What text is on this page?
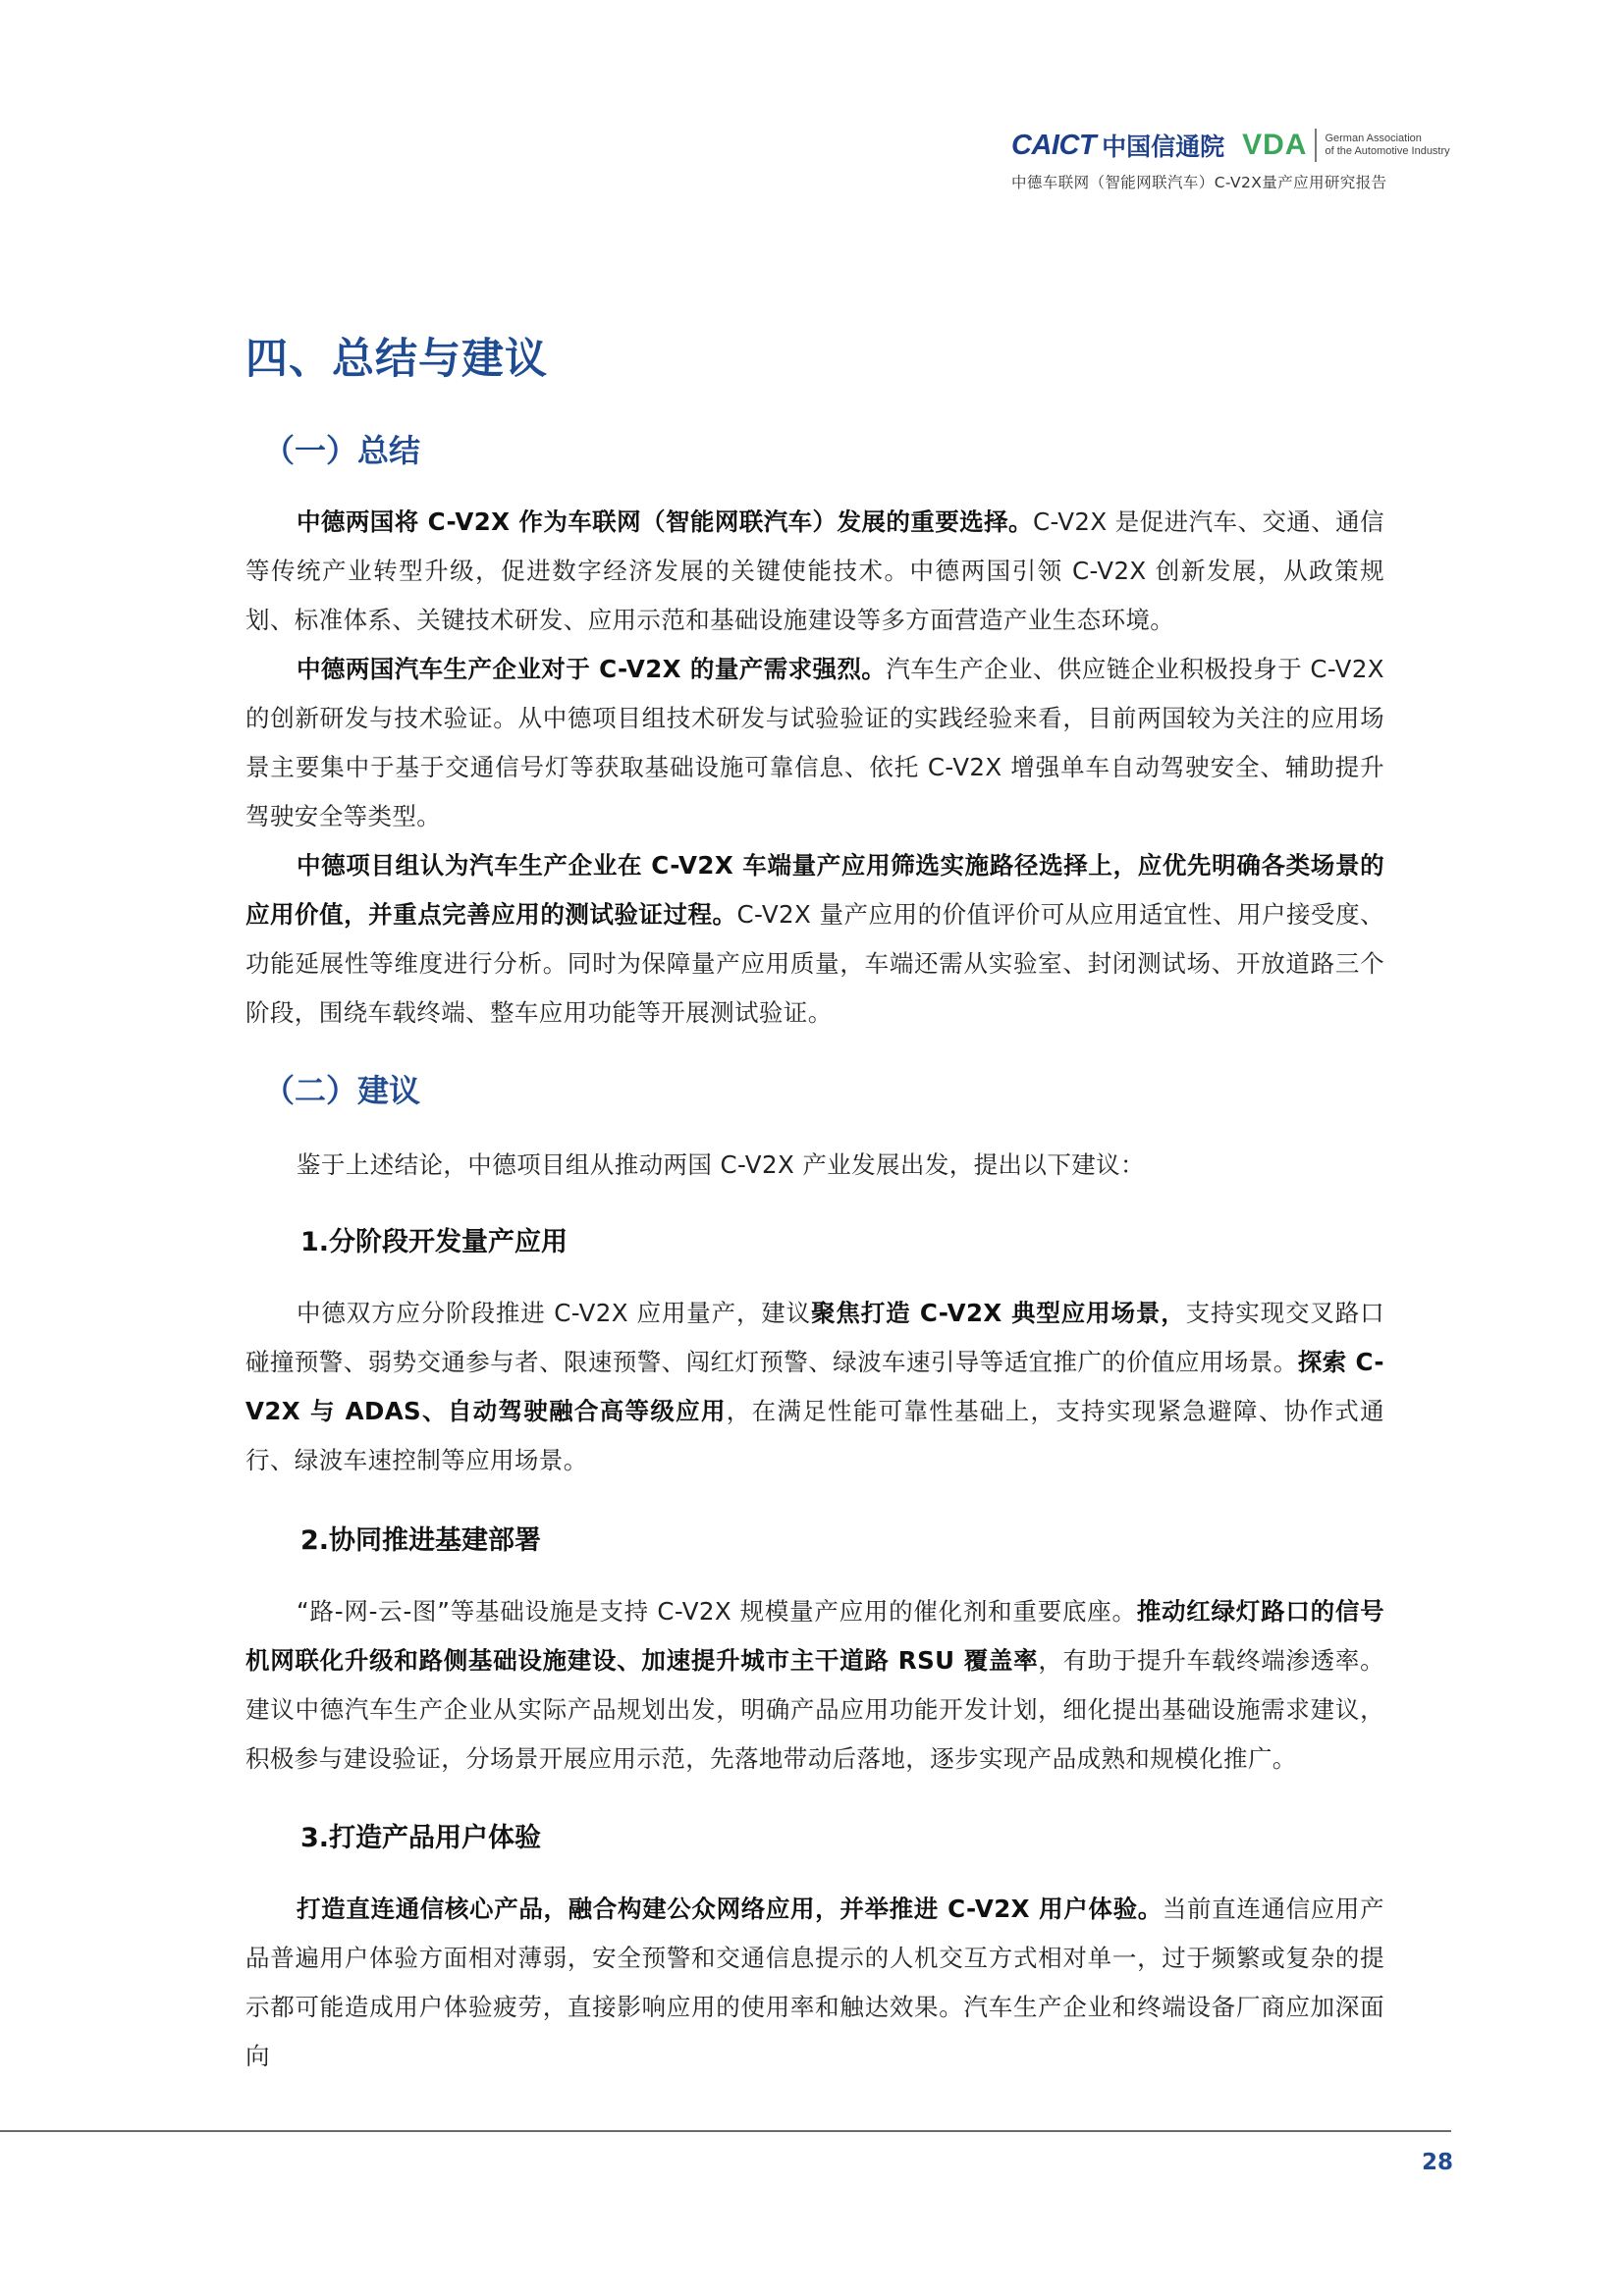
CAICT 中国信通院 VDA German Association
of the Automotive Industry
中德车联网（智能网联汽车）C-V2X量产应用研究报告
四、总结与建议
（一）总结

中德两国将 C-V2X 作为车联网（智能网联汽车）发展的重要选择。C-V2X 是促进汽车、交通、通信等传统产业转型升级，促进数字经济发展的关键使能技术。中德两国引领 C-V2X 创新发展，从政策规划、标准体系、关键技术研发、应用示范和基础设施建设等多方面营造产业生态环境。

中德两国汽车生产企业对于 C-V2X 的量产需求强烈。汽车生产企业、供应链企业积极投身于 C-V2X 的创新研发与技术验证。从中德项目组技术研发与试验验证的实践经验来看，目前两国较为关注的应用场景主要集中于基于交通信号灯等获取基础设施可靠信息、依托 C-V2X 增强单车自动驾驶安全、辅助提升驾驶安全等类型。

中德项目组认为汽车生产企业在 C-V2X 车端量产应用筛选实施路径选择上，应优先明确各类场景的应用价值，并重点完善应用的测试验证过程。C-V2X 量产应用的价值评价可从应用适宜性、用户接受度、功能延展性等维度进行分析。同时为保障量产应用质量，车端还需从实验室、封闭测试场、开放道路三个阶段，围绕车载终端、整车应用功能等开展测试验证。

（二）建议

鉴于上述结论，中德项目组从推动两国 C-V2X 产业发展出发，提出以下建议：

1.分阶段开发量产应用

中德双方应分阶段推进 C-V2X 应用量产，建议聚焦打造 C-V2X 典型应用场景，支持实现交叉路口碰撞预警、弱势交通参与者、限速预警、闯红灯预警、绿波车速引导等适宜推广的价值应用场景。探索 C-V2X 与 ADAS、自动驾驶融合高等级应用，在满足性能可靠性基础上，支持实现紧急避障、协作式通行、绿波车速控制等应用场景。

2.协同推进基建部署

“路-网-云-图”等基础设施是支持 C-V2X 规模量产应用的催化剂和重要底座。推动红绿灯路口的信号机网联化升级和路侧基础设施建设、加速提升城市主干道路 RSU 覆盖率，有助于提升车载终端渗透率。建议中德汽车生产企业从实际产品规划出发，明确产品应用功能开发计划，细化提出基础设施需求建议，积极参与建设验证，分场景开展应用示范，先落地带动后落地，逐步实现产品成熟和规模化推广。

3.打造产品用户体验

打造直连通信核心产品，融合构建公众网络应用，并举推进 C-V2X 用户体验。当前直连通信应用产品普遍用户体验方面相对薄弱，安全预警和交通信息提示的人机交互方式相对单一，过于频繁或复杂的提示都可能造成用户体验疲劳，直接影响应用的使用率和触达效果。汽车生产企业和终端设备厂商应加深面向

28
